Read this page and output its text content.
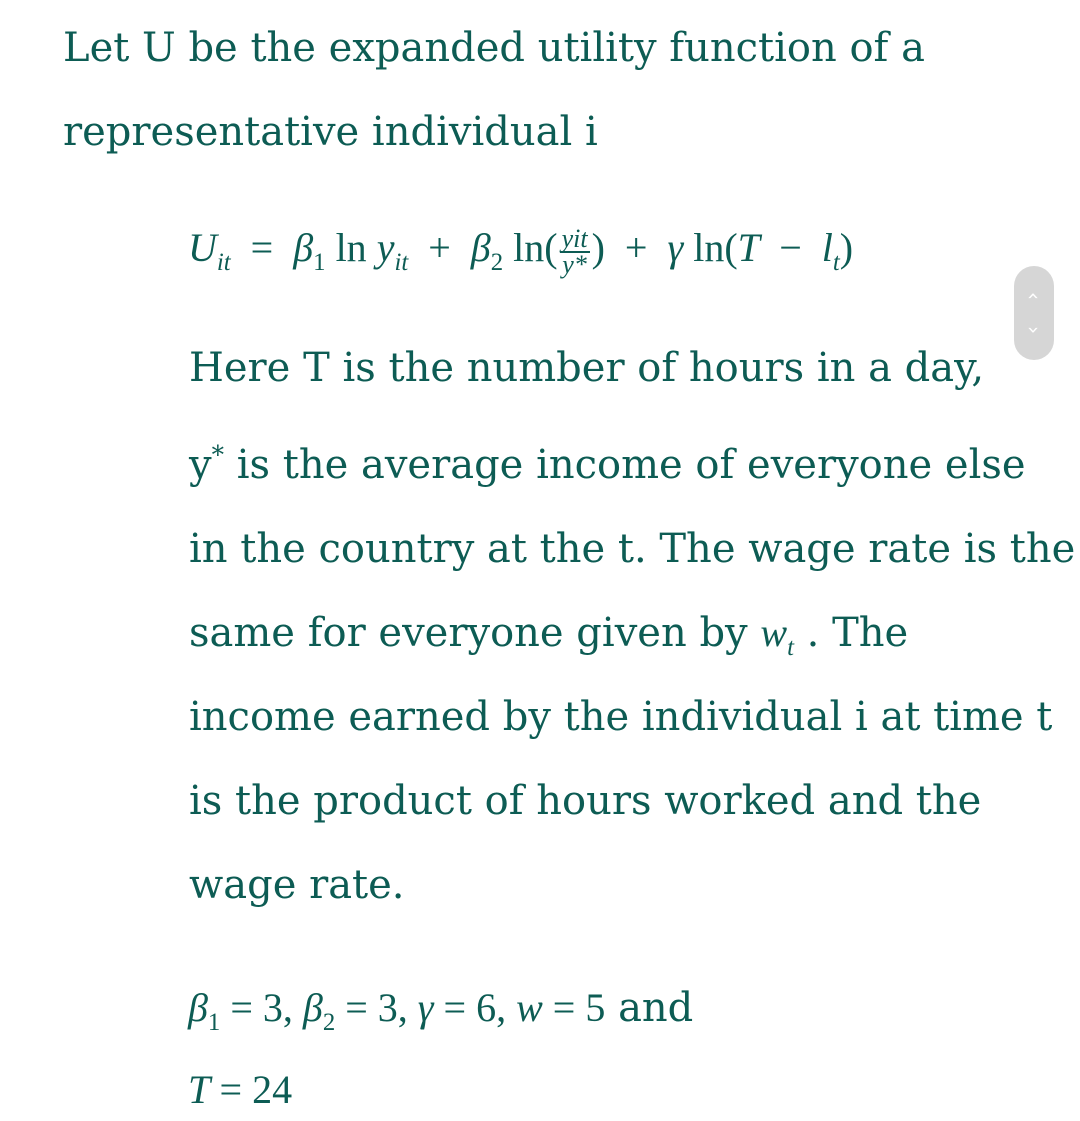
Let U be the expanded utility function of a
representative individual i
$U_{it} = \beta_1$ $\ln y_{it} + \beta_2$ $\ln( \frac{\text{yit}}{y*}$ ) + γ $\ln(T - l_t)$
‹
›
Here T is the number of hours in a day,
y* is the average income of everyone else
in the country at the t. The wage rate is the
same for everyone given by $w_t$ . The
income earned by the individual i at time t
is the product of hours worked and the
wage rate.
$\beta_1 = 3$, $\beta_2 = 3$, γ = 6, w = 5 and
T = 24
